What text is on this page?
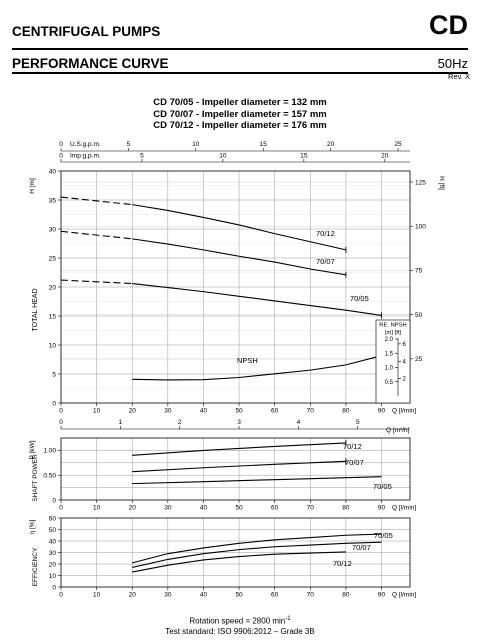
CENTRIFUGAL PUMPS	CD
PERFORMANCE CURVE	50Hz
Rev. X
CD 70/05 - Impeller diameter = 132 mm
CD 70/07 - Impeller diameter = 157 mm
CD 70/12 - Impeller diameter = 176 mm
0	5	10	15	20	25
U.S.g.p.m.
0	5	10	15	20
Imp.g.p.m.
0
5
10
15
20
25
30
35
40
H [m]
TOTAL HEAD
25
50
75
100
125 H [ft]
0	10	20	30	40	50	60	70	80	90 Q [l/min]
70/12
70/07
70/05
NPSH
RE. NPSH
[m] [ft]
0.5
1.0
1.5
2.0
2
4
6
0	1	2	3	4	5
Q [m³/h]
0
0.50
1.00
P [kW]
SHAFT POWER
0	10	20	30	40	50	60	70	80	90 Q [l/min]
70/12
70/07
70/05
0
10
20
30
40
50
60
η [%]
EFFICIENCY
0	10	20	30	40	50	60	70	80	90 Q [l/min]
70/05
70/07
70/12
Rotation speed = 2800 $\min^{-1}$
Test standard: ISO 9906:2012 – Grade 3B
